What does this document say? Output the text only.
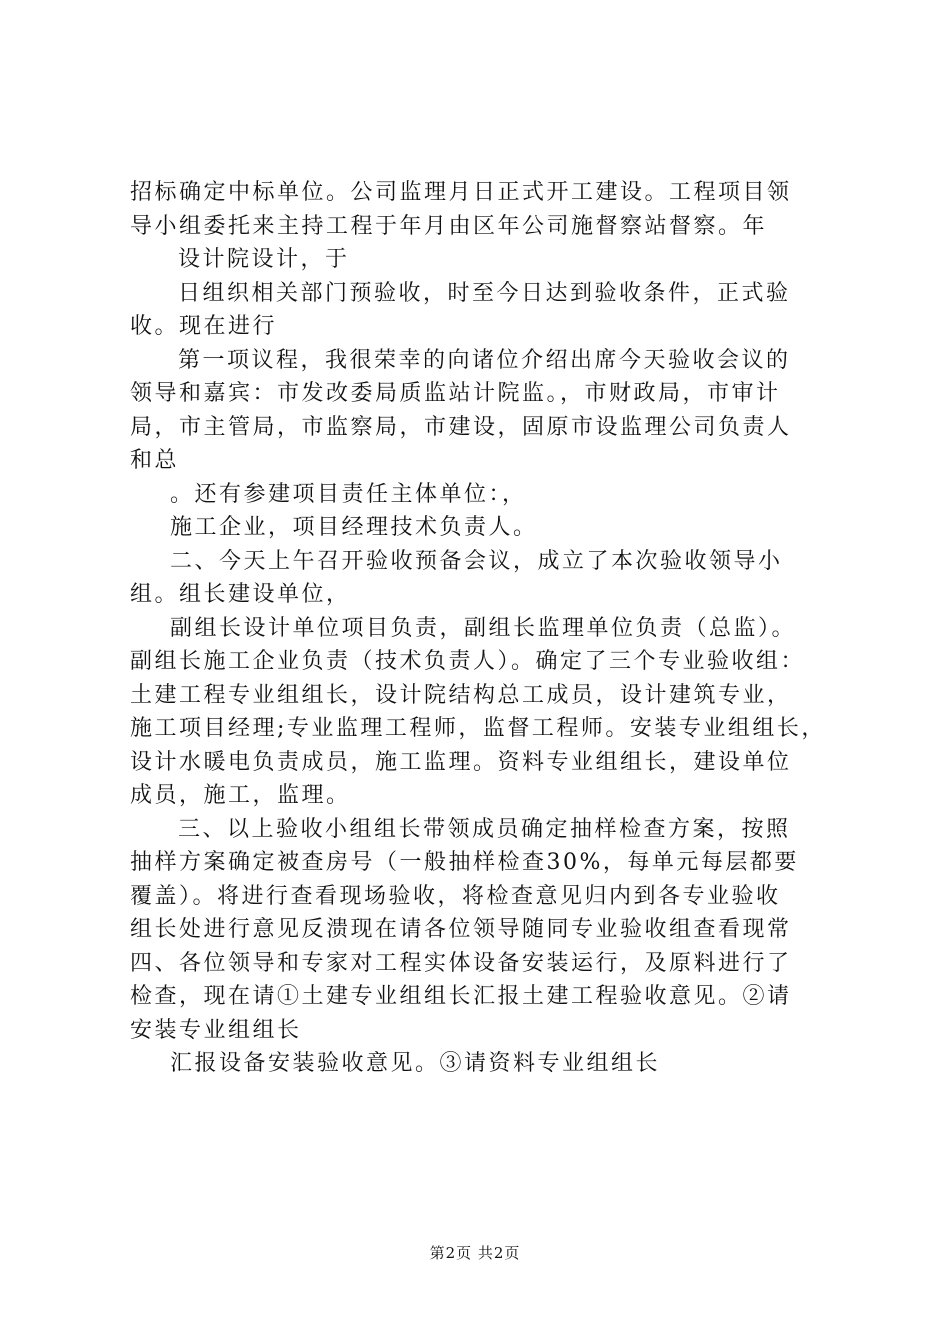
招标确定中标单位。公司监理月日正式开工建设。工程项目领
导小组委托来主持工程于年月由区年公司施督察站督察。年
设计院设计，于
日组织相关部门预验收，时至今日达到验收条件，正式验
收。现在进行
第一项议程，我很荣幸的向诸位介绍出席今天验收会议的
领导和嘉宾：市发改委局质监站计院监。，市财政局，市审计
局，市主管局，市监察局，市建设，固原市设监理公司负责人
和总
。还有参建项目责任主体单位：，
施工企业，项目经理技术负责人。
二、今天上午召开验收预备会议，成立了本次验收领导小
组。组长建设单位，
副组长设计单位项目负责，副组长监理单位负责（总监）。
副组长施工企业负责（技术负责人）。确定了三个专业验收组：
土建工程专业组组长，设计院结构总工成员，设计建筑专业，
施工项目经理;专业监理工程师，监督工程师。安装专业组组长，
设计水暖电负责成员，施工监理。资料专业组组长，建设单位
成员，施工，监理。
三、以上验收小组组长带领成员确定抽样检查方案，按照
抽样方案确定被查房号（一般抽样检查30%，每单元每层都要
覆盖）。将进行查看现场验收，将检查意见归内到各专业验收
组长处进行意见反溃现在请各位领导随同专业验收组查看现常
四、各位领导和专家对工程实体设备安装运行，及原料进行了
检查，现在请①土建专业组组长汇报土建工程验收意见。②请
安装专业组组长
汇报设备安装验收意见。③请资料专业组组长
第2页 共2页
